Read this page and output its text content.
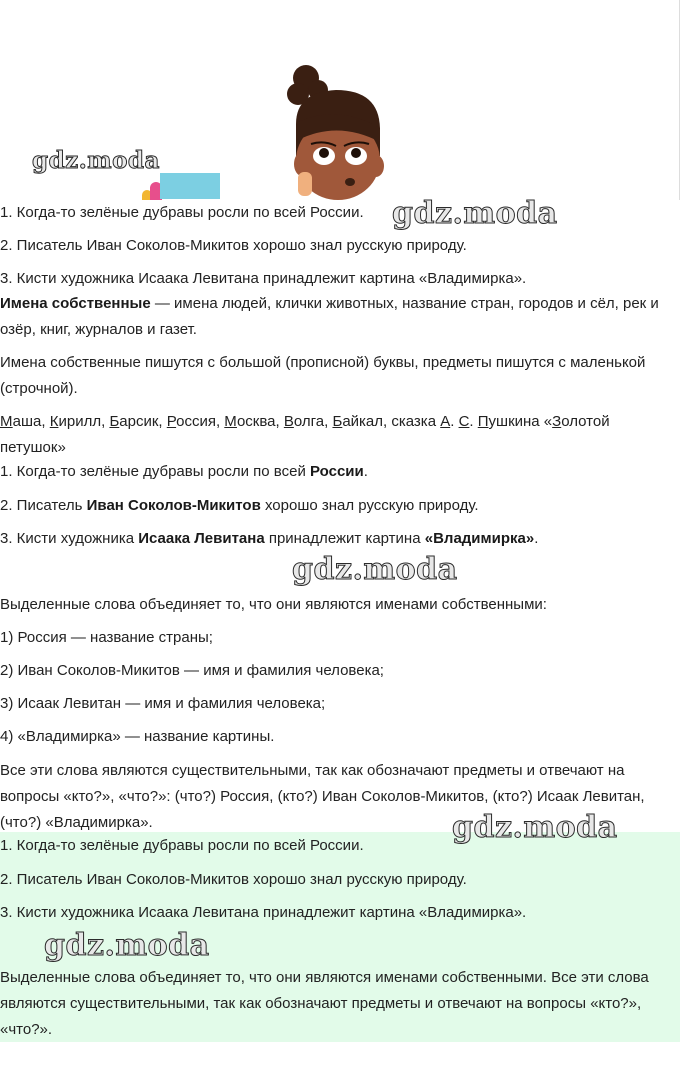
gdz.moda
1. Когда-то зелёные дубравы росли по всей России. gdz.moda
2. Писатель Иван Соколов-Микитов хорошо знал русскую природу.
3. Кисти художника Исаака Левитана принадлежит картина «Владимирка».
Имена собственные — имена людей, клички животных, название стран, городов и сёл, рек и озёр, книг, журналов и газет.
Имена собственные пишутся с большой (прописной) буквы, предметы пишутся с маленькой (строчной).
Маша, Кирилл, Барсик, Россия, Москва, Волга, Байкал, сказка А. С. Пушкина «Золотой петушок»
1. Когда-то зелёные дубравы росли по всей России.
2. Писатель Иван Соколов-Микитов хорошо знал русскую природу.
3. Кисти художника Исаака Левитана принадлежит картина «Владимирка».
gdz.moda
Выделенные слова объединяет то, что они являются именами собственными:
1) Россия — название страны;
2) Иван Соколов-Микитов — имя и фамилия человека;
3) Исаак Левитан — имя и фамилия человека;
4) «Владимирка» — название картины.
Все эти слова являются существительными, так как обозначают предметы и отвечают на вопросы «кто?», «что?»: (что?) Россия, (кто?) Иван Соколов-Микитов, (кто?) Исаак Левитан, (что?) «Владимирка».	gdz.moda
1. Когда-то зелёные дубравы росли по всей России.
2. Писатель Иван Соколов-Микитов хорошо знал русскую природу.
3. Кисти художника Исаака Левитана принадлежит картина «Владимирка».
gdz.moda
Выделенные слова объединяет то, что они являются именами собственными. Все эти слова являются существительными, так как обозначают предметы и отвечают на вопросы «кто?», «что?».
